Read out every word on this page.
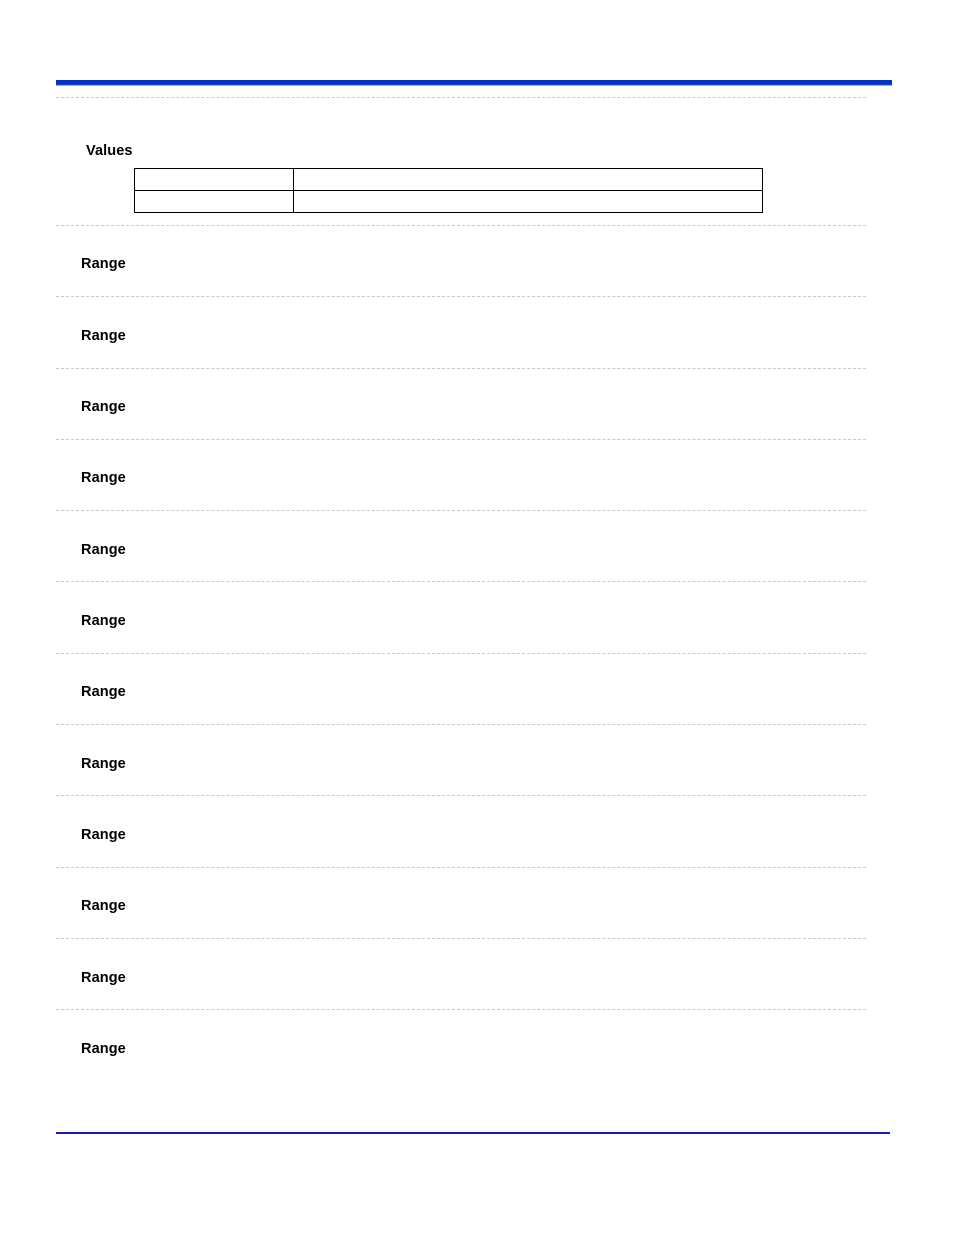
Values

Range
Range
Range
Range
Range
Range
Range
Range
Range
Range
Range
Range
